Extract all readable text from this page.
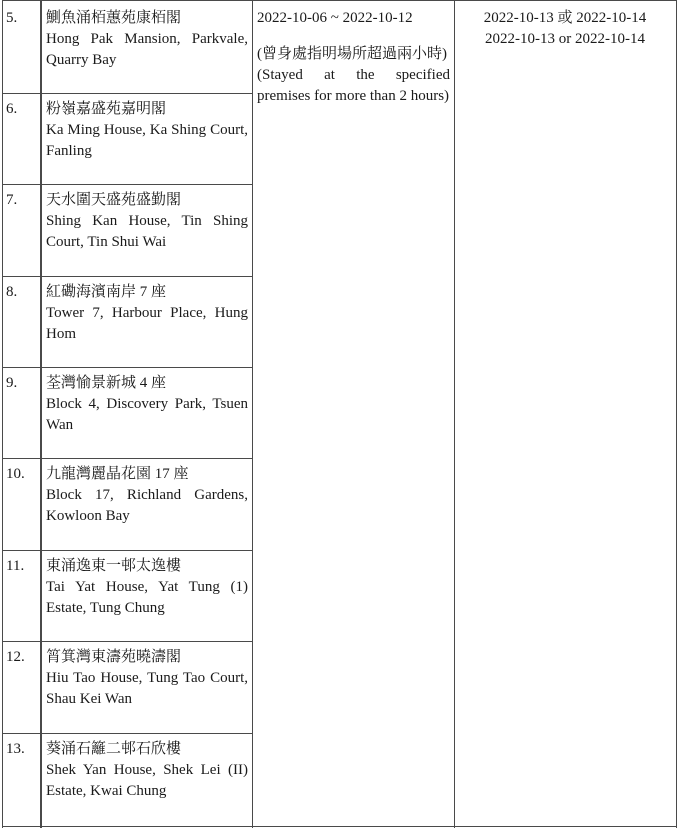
5. 鰂魚涌栢蕙苑康栢閣
Hong Pak Mansion, Parkvale, Quarry Bay
6. 粉嶺嘉盛苑嘉明閣
Ka Ming House, Ka Shing Court, Fanling
7. 天水圍天盛苑盛勤閣
Shing Kan House, Tin Shing Court, Tin Shui Wai
8. 紅磡海濱南岸 7 座
Tower 7, Harbour Place, Hung Hom
9. 荃灣愉景新城 4 座
Block 4, Discovery Park, Tsuen Wan
10. 九龍灣麗晶花園 17 座
Block 17, Richland Gardens, Kowloon Bay
11. 東涌逸東一邨太逸樓
Tai Yat House, Yat Tung (1) Estate, Tung Chung
12. 筲箕灣東濤苑曉濤閣
Hiu Tao House, Tung Tao Court, Shau Kei Wan
13. 葵涌石籬二邨石欣樓
Shek Yan House, Shek Lei (II) Estate, Kwai Chung
2022-10-06 ~ 2022-10-12
(曾身處指明場所超過兩小時)
(Stayed at the specified premises for more than 2 hours)
2022-10-13 或 2022-10-14
2022-10-13 or 2022-10-14
